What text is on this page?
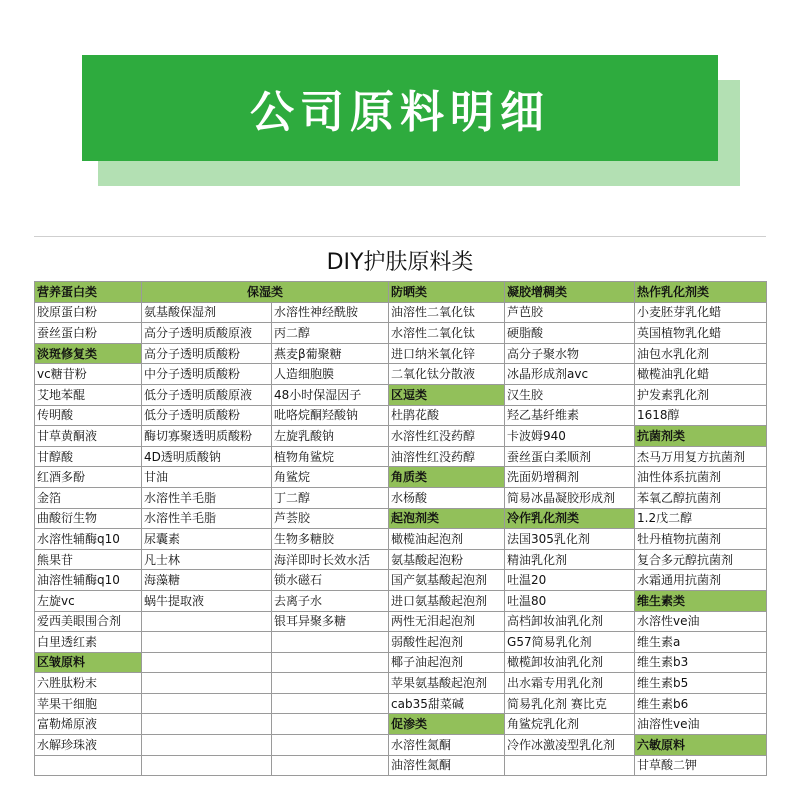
公司原料明细
DIY护肤原料类
营养蛋白类	保湿类		防晒类	凝胶增稠类	热作乳化剂类
胶原蛋白粉	氨基酸保湿剂	水溶性神经酰胺	油溶性二氧化钛	芦芭胶	小麦胚芽乳化蜡
蚕丝蛋白粉	高分子透明质酸原液	丙二醇	水溶性二氧化钛	硬脂酸	英国植物乳化蜡
淡斑修复类	高分子透明质酸粉	燕麦β葡聚糖	进口纳米氧化锌	高分子聚水物	油包水乳化剂
vc糖苷粉	中分子透明质酸粉	人造细胞膜	二氧化钛分散液	冰晶形成剂avc	橄榄油乳化蜡
艾地苯醌	低分子透明质酸原液	48小时保湿因子	区逗类	汉生胶	护发素乳化剂
传明酸	低分子透明质酸粉	吡咯烷酮羟酸钠	杜鹃花酸	羟乙基纤维素	1618醇
甘草黄酮液	酶切寡聚透明质酸粉	左旋乳酸钠	水溶性红没药醇	卡波姆940	抗菌剂类
甘醇酸	4D透明质酸钠	植物角鲨烷	油溶性红没药醇	蚕丝蛋白柔顺剂	杰马万用复方抗菌剂
红酒多酚	甘油	角鲨烷	角质类	洗面奶增稠剂	油性体系抗菌剂
金箔	水溶性羊毛脂	丁二醇	水杨酸	简易冰晶凝胶形成剂	苯氧乙醇抗菌剂
曲酸衍生物	水溶性羊毛脂	芦荟胶	起泡剂类	冷作乳化剂类	1.2戊二醇
水溶性辅酶q10	尿囊素	生物多糖胶	橄榄油起泡剂	法国305乳化剂	牡丹植物抗菌剂
熊果苷	凡士林	海洋即时长效水活	氨基酸起泡粉	精油乳化剂	复合多元醇抗菌剂
油溶性辅酶q10	海藻糖	锁水磁石	国产氨基酸起泡剂	吐温20	水霜通用抗菌剂
左旋vc	蜗牛提取液	去离子水	进口氨基酸起泡剂	吐温80	维生素类
爱西美眼围合剂		银耳异聚多糖	两性无泪起泡剂	高档卸妆油乳化剂	水溶性ve油
白里透红素			弱酸性起泡剂	G57简易乳化剂	维生素a
区皱原料			椰子油起泡剂	橄榄卸妆油乳化剂	维生素b3
六胜肽粉末			苹果氨基酸起泡剂	出水霜专用乳化剂	维生素b5
苹果干细胞			cab35甜菜碱	简易乳化剂 赛比克	维生素b6
富勒烯原液			促渗类	角鲨烷乳化剂	油溶性ve油
水解珍珠液			水溶性氮酮	冷作冰激凌型乳化剂	六敏原料
			油溶性氮酮		甘草酸二钾
